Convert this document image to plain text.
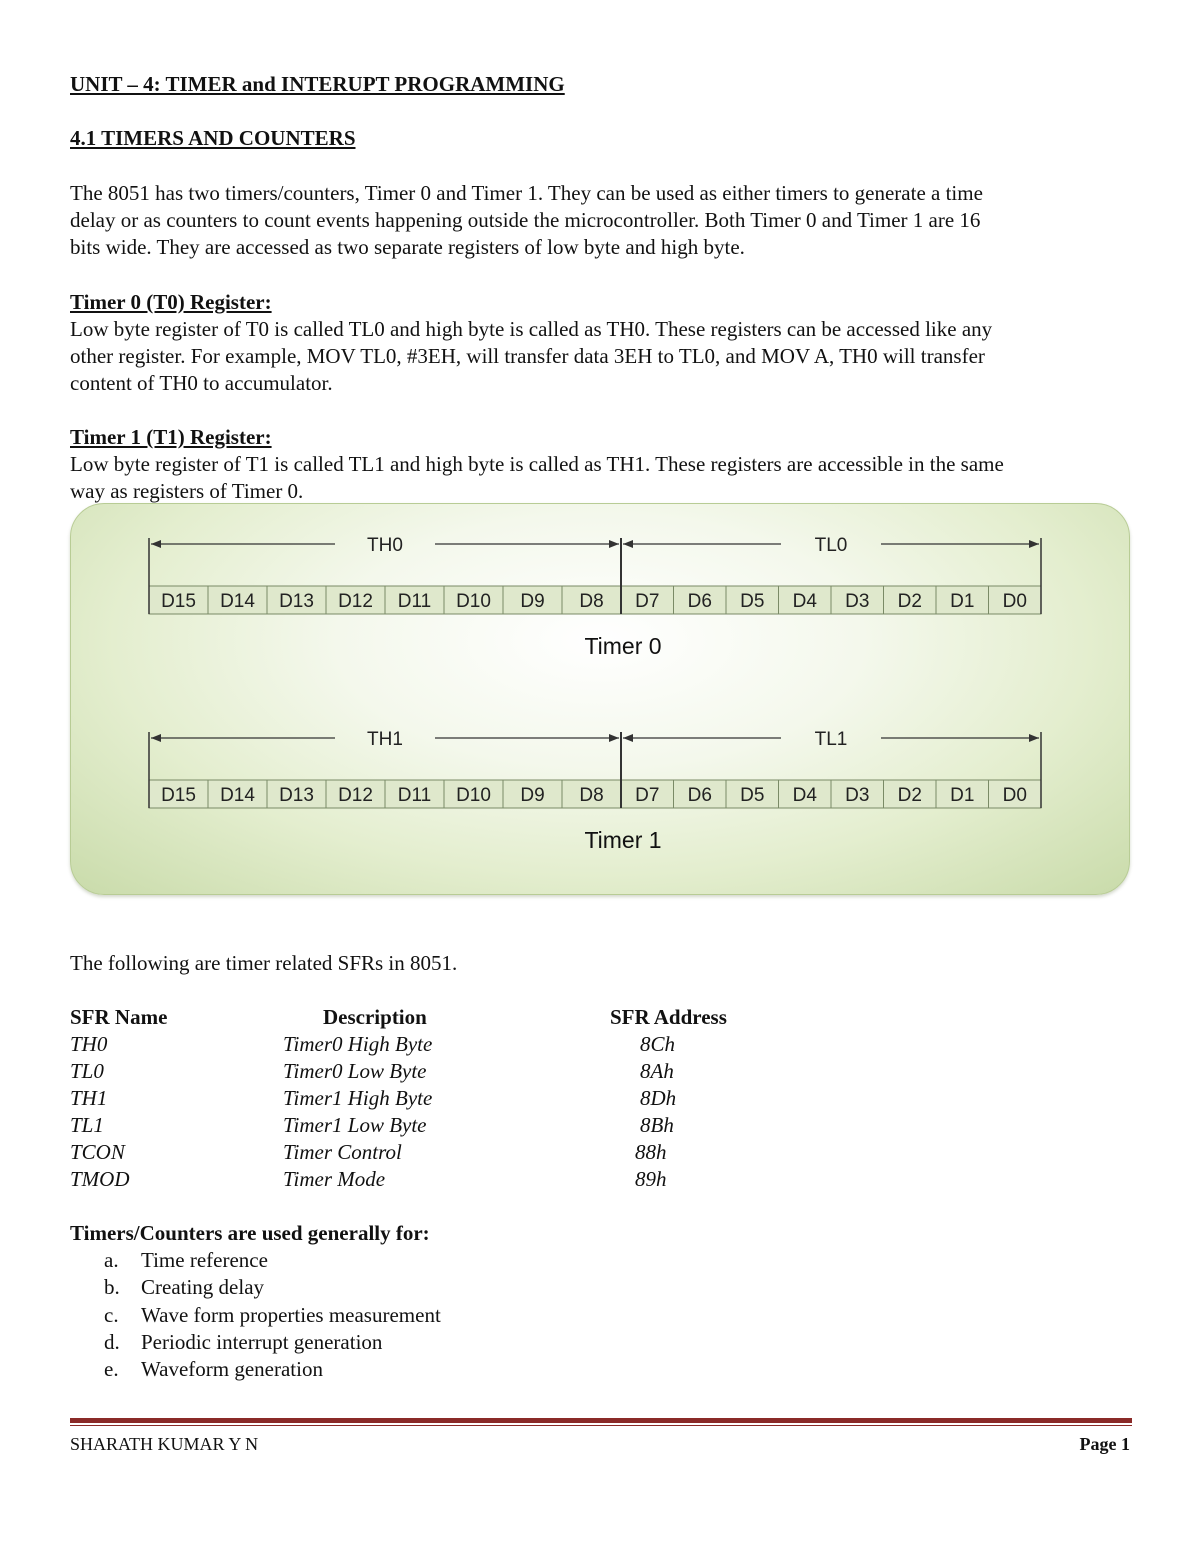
UNIT – 4: TIMER and INTERUPT PROGRAMMING
4.1 TIMERS AND COUNTERS

The 8051 has two timers/counters, Timer 0 and Timer 1. They can be used as either timers to generate a time

delay or as counters to count events happening outside the microcontroller. Both Timer 0 and Timer 1 are 16

bits wide. They are accessed as two separate registers of low byte and high byte.

Timer 0 (T0) Register:

Low byte register of T0 is called TL0 and high byte is called as TH0. These registers can be accessed like any

other register. For example, MOV TL0, #3EH, will transfer data 3EH to TL0, and MOV A, TH0 will transfer

content of TH0 to accumulator.

Timer 1 (T1) Register:

Low byte register of T1 is called TL1 and high byte is called as TH1. These registers are accessible in the same

way as registers of Timer 0.

D15 D14 D13 D12 D11 D10 D9 D8 D7 D6 D5 D4 D3 D2 D1 D0
TH0	TL0
Timer 0
D15 D14 D13 D12 D11 D10 D9 D8 D7 D6 D5 D4 D3 D2 D1 D0
TH1	TL1
Timer 1
The following are timer related SFRs in 8051.
SFR Name	Description	SFR Address
TH0	Timer0 High Byte	8Ch
TL0	Timer0 Low Byte	8Ah
TH1	Timer1 High Byte	8Dh
TL1	Timer1 Low Byte	8Bh
TCON	Timer Control	88h
TMOD	Timer Mode	89h
Timers/Counters are used generally for:
a. Time reference
b. Creating delay
c. Wave form properties measurement
d. Periodic interrupt generation
e. Waveform generation
SHARATH KUMAR Y N	Page 1
